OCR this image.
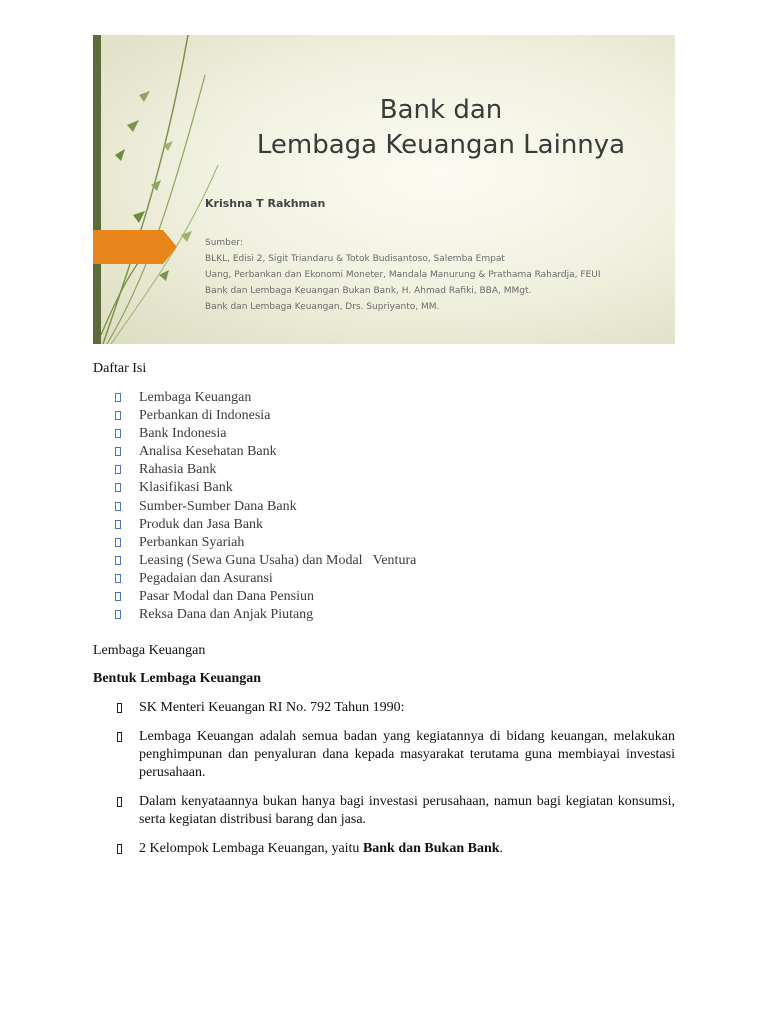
Bank dan
Lembaga Keuangan Lainnya
Krishna T Rakhman
Sumber:
BLKL, Edisi 2, Sigit Triandaru & Totok Budisantoso, Salemba Empat
Uang, Perbankan dan Ekonomi Moneter, Mandala Manurung & Prathama Rahardja, FEUI
Bank dan Lembaga Keuangan Bukan Bank, H. Ahmad Rafiki, BBA, MMgt.
Bank dan Lembaga Keuangan, Drs. Supriyanto, MM.
Daftar Isi
Lembaga Keuangan
Perbankan di Indonesia
Bank Indonesia
Analisa Kesehatan Bank
Rahasia Bank
Klasifikasi Bank
Sumber-Sumber Dana Bank
Produk dan Jasa Bank
Perbankan Syariah
Leasing (Sewa Guna Usaha) dan Modal   Ventura
Pegadaian dan Asuransi
Pasar Modal dan Dana Pensiun
Reksa Dana dan Anjak Piutang
Lembaga Keuangan
Bentuk Lembaga Keuangan
SK Menteri Keuangan RI No. 792 Tahun 1990:
Lembaga Keuangan adalah semua badan yang kegiatannya di bidang keuangan, melakukan penghimpunan dan penyaluran dana kepada masyarakat terutama guna membiayai investasi perusahaan.
Dalam kenyataannya bukan hanya bagi investasi perusahaan, namun bagi kegiatan konsumsi, serta kegiatan distribusi barang dan jasa.
2 Kelompok Lembaga Keuangan, yaitu Bank dan Bukan Bank.
